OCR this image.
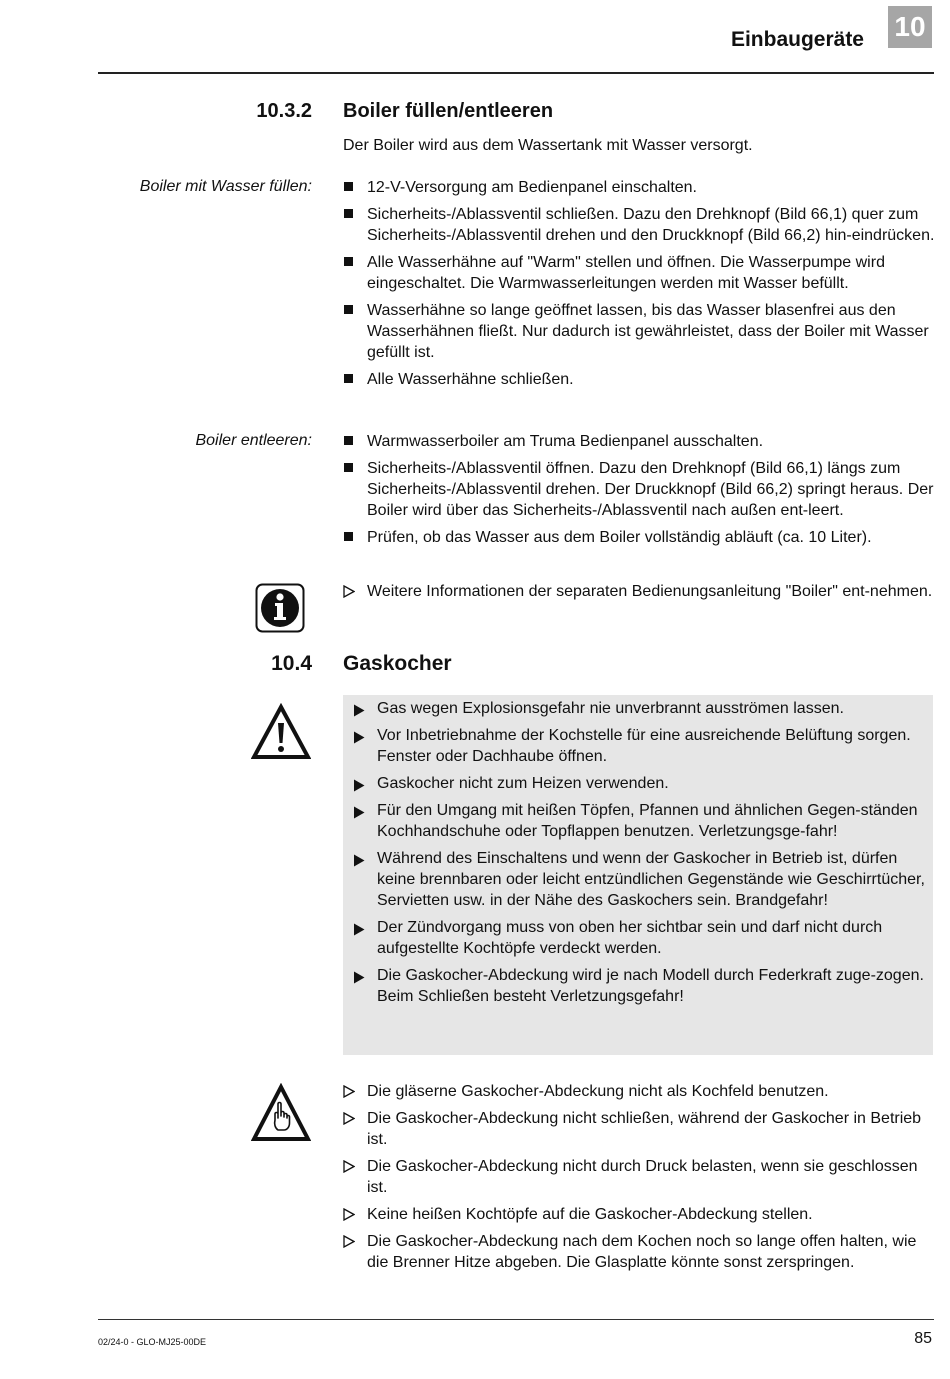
Einbaugeräte 10
10.3.2 Boiler füllen/entleeren
Der Boiler wird aus dem Wassertank mit Wasser versorgt.
Boiler mit Wasser füllen:	12-V-Versorgung am Bedienpanel einschalten.
Sicherheits-/Ablassventil schließen. Dazu den Drehknopf (Bild 66,1) quer zum Sicherheits-/Ablassventil drehen und den Druckknopf (Bild 66,2) hin-eindrücken.
Alle Wasserhähne auf "Warm" stellen und öffnen. Die Wasserpumpe wird eingeschaltet. Die Warmwasserleitungen werden mit Wasser befüllt.
Wasserhähne so lange geöffnet lassen, bis das Wasser blasenfrei aus den Wasserhähnen fließt. Nur dadurch ist gewährleistet, dass der Boiler mit Wasser gefüllt ist.
Alle Wasserhähne schließen.
Boiler entleeren:	Warmwasserboiler am Truma Bedienpanel ausschalten.
Sicherheits-/Ablassventil öffnen. Dazu den Drehknopf (Bild 66,1) längs zum Sicherheits-/Ablassventil drehen. Der Druckknopf (Bild 66,2) springt heraus. Der Boiler wird über das Sicherheits-/Ablassventil nach außen ent-leert.
Prüfen, ob das Wasser aus dem Boiler vollständig abläuft (ca. 10 Liter).
Weitere Informationen der separaten Bedienungsanleitung "Boiler" ent-nehmen.
10.4 Gaskocher
Gas wegen Explosionsgefahr nie unverbrannt ausströmen lassen.
Vor Inbetriebnahme der Kochstelle für eine ausreichende Belüftung sorgen. Fenster oder Dachhaube öffnen.
Gaskocher nicht zum Heizen verwenden.
Für den Umgang mit heißen Töpfen, Pfannen und ähnlichen Gegen-ständen Kochhandschuhe oder Topflappen benutzen. Verletzungsge-fahr!
Während des Einschaltens und wenn der Gaskocher in Betrieb ist, dürfen keine brennbaren oder leicht entzündlichen Gegenstände wie Geschirrtücher, Servietten usw. in der Nähe des Gaskochers sein. Brandgefahr!
Der Zündvorgang muss von oben her sichtbar sein und darf nicht durch aufgestellte Kochtöpfe verdeckt werden.
Die Gaskocher-Abdeckung wird je nach Modell durch Federkraft zuge-zogen. Beim Schließen besteht Verletzungsgefahr!
Die gläserne Gaskocher-Abdeckung nicht als Kochfeld benutzen.
Die Gaskocher-Abdeckung nicht schließen, während der Gaskocher in Betrieb ist.
Die Gaskocher-Abdeckung nicht durch Druck belasten, wenn sie geschlossen ist.
Keine heißen Kochtöpfe auf die Gaskocher-Abdeckung stellen.
Die Gaskocher-Abdeckung nach dem Kochen noch so lange offen halten, wie die Brenner Hitze abgeben. Die Glasplatte könnte sonst zerspringen.
02/24-0 - GLO-MJ25-00DE	85
